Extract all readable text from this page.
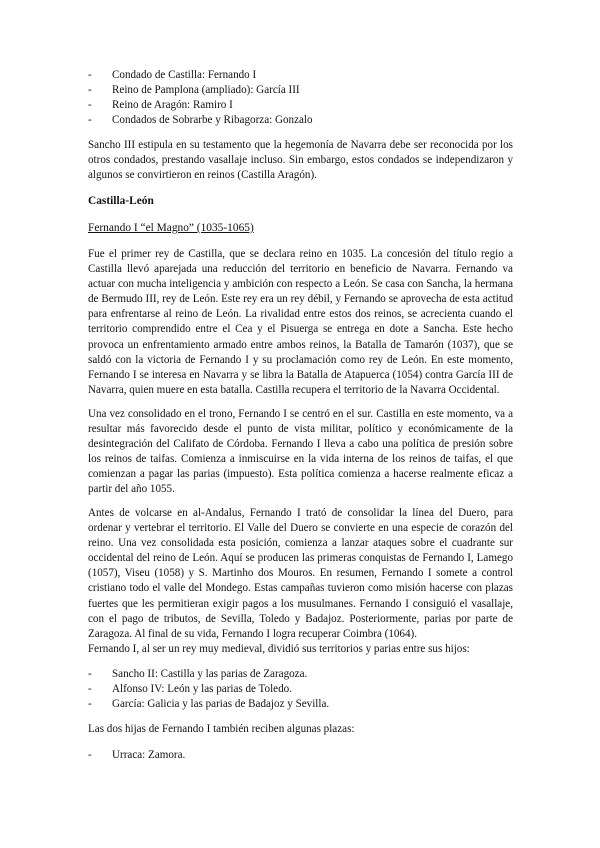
- Condado de Castilla: Fernando I
- Reino de Pamplona (ampliado): García III
- Reino de Aragón: Ramiro I
- Condados de Sobrarbe y Ribagorza: Gonzalo
Sancho III estipula en su testamento que la hegemonía de Navarra debe ser reconocida por los otros condados, prestando vasallaje incluso. Sin embargo, estos condados se independizaron y algunos se convirtieron en reinos (Castilla Aragón).
Castilla-León
Fernando I “el Magno” (1035-1065)
Fue el primer rey de Castilla, que se declara reino en 1035. La concesión del título regio a Castilla llevó aparejada una reducción del territorio en beneficio de Navarra. Fernando va actuar con mucha inteligencia y ambición con respecto a León. Se casa con Sancha, la hermana de Bermudo III, rey de León. Este rey era un rey débil, y Fernando se aprovecha de esta actitud para enfrentarse al reino de León. La rivalidad entre estos dos reinos, se acrecienta cuando el territorio comprendido entre el Cea y el Pisuerga se entrega en dote a Sancha. Este hecho provoca un enfrentamiento armado entre ambos reinos, la Batalla de Tamarón (1037), que se saldó con la victoria de Fernando I y su proclamación como rey de León. En este momento, Fernando I se interesa en Navarra y se libra la Batalla de Atapuerca (1054) contra García III de Navarra, quien muere en esta batalla. Castilla recupera el territorio de la Navarra Occidental.
Una vez consolidado en el trono, Fernando I se centró en el sur. Castilla en este momento, va a resultar más favorecido desde el punto de vista militar, político y económicamente de la desintegración del Califato de Córdoba. Fernando I lleva a cabo una política de presión sobre los reinos de taifas. Comienza a inmiscuirse en la vida interna de los reinos de taifas, el que comienzan a pagar las parias (impuesto). Esta política comienza a hacerse realmente eficaz a partir del año 1055.
Antes de volcarse en al-Andalus, Fernando I trató de consolidar la línea del Duero, para ordenar y vertebrar el territorio. El Valle del Duero se convierte en una especie de corazón del reino. Una vez consolidada esta posición, comienza a lanzar ataques sobre el cuadrante sur occidental del reino de León. Aquí se producen las primeras conquistas de Fernando I, Lamego (1057), Viseu (1058) y S. Martinho dos Mouros. En resumen, Fernando I somete a control cristiano todo el valle del Mondego. Estas campañas tuvieron como misión hacerse con plazas fuertes que les permitieran exigir pagos a los musulmanes. Fernando I consiguió el vasallaje, con el pago de tributos, de Sevilla, Toledo y Badajoz. Posteriormente, parias por parte de Zaragoza. Al final de su vida, Fernando I logra recuperar Coimbra (1064).
Fernando I, al ser un rey muy medieval, dividió sus territorios y parias entre sus hijos:
- Sancho II: Castilla y las parias de Zaragoza.
- Alfonso IV: León y las parias de Toledo.
- García: Galicia y las parias de Badajoz y Sevilla.
Las dos hijas de Fernando I también reciben algunas plazas:
- Urraca: Zamora.
